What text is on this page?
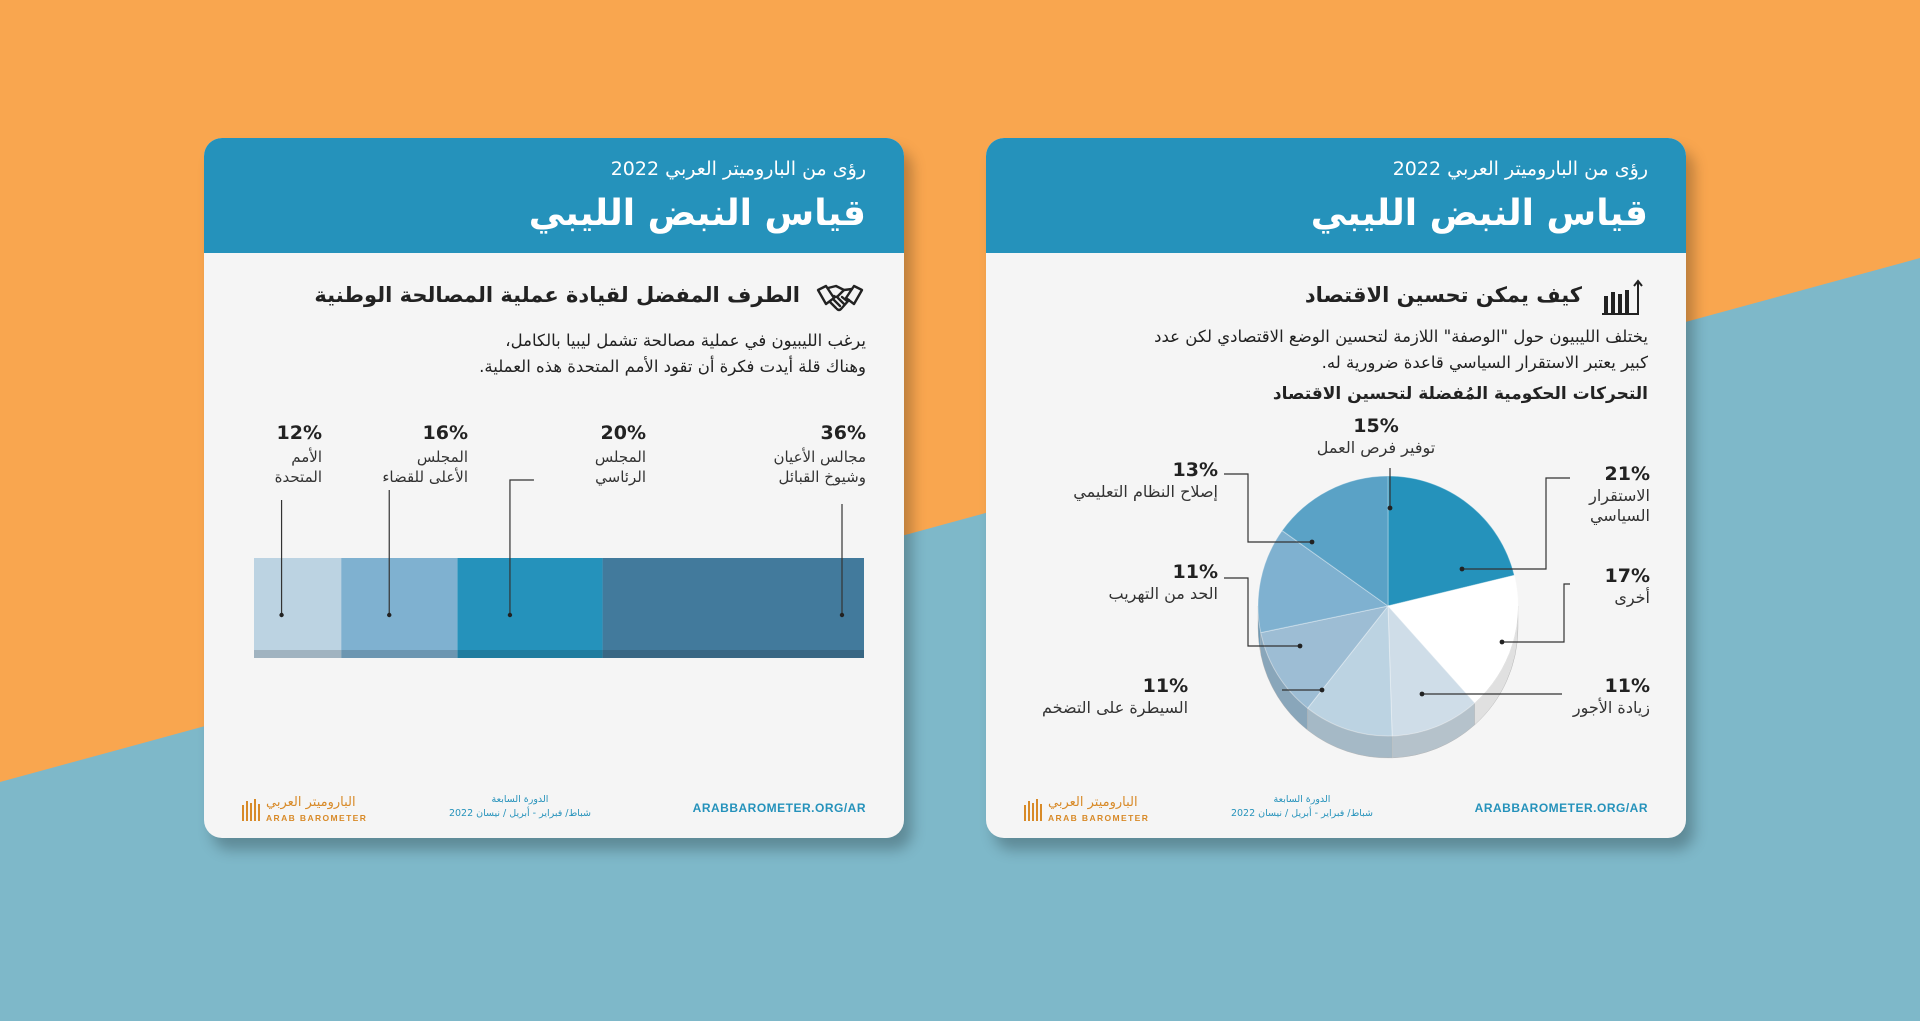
رؤى من الباروميتر العربي 2022
قياس النبض الليبي
الطرف المفضل لقيادة عملية المصالحة الوطنية
يرغب الليبيون في عملية مصالحة تشمل ليبيا بالكامل،
وهناك قلة أيدت فكرة أن تقود الأمم المتحدة هذه العملية.
36%
مجالس الأعيان
وشيوخ القبائل
20%
المجلس
الرئاسي
16%
المجلس
الأعلى للقضاء
12%
الأمم
المتحدة
ARABBAROMETER.ORG/AR
الدورة السابعة
شباط/ فبراير - أبريل / نيسان 2022
الباروميتر العربي
ARAB BAROMETER
رؤى من الباروميتر العربي 2022
قياس النبض الليبي
كيف يمكن تحسين الاقتصاد
يختلف الليبيون حول "الوصفة" اللازمة لتحسين الوضع الاقتصادي لكن عدد
كبير يعتبر الاستقرار السياسي قاعدة ضرورية له.
التحركات الحكومية المُفضلة لتحسين الاقتصاد
21%
الاستقرار
السياسي
17%
أخرى
11%
زيادة الأجور
11%
السيطرة على التضخم
11%
الحد من التهريب
13%
إصلاح النظام التعليمي
15%
توفير فرص العمل
ARABBAROMETER.ORG/AR
الدورة السابعة
شباط/ فبراير - أبريل / نيسان 2022
الباروميتر العربي
ARAB BAROMETER
